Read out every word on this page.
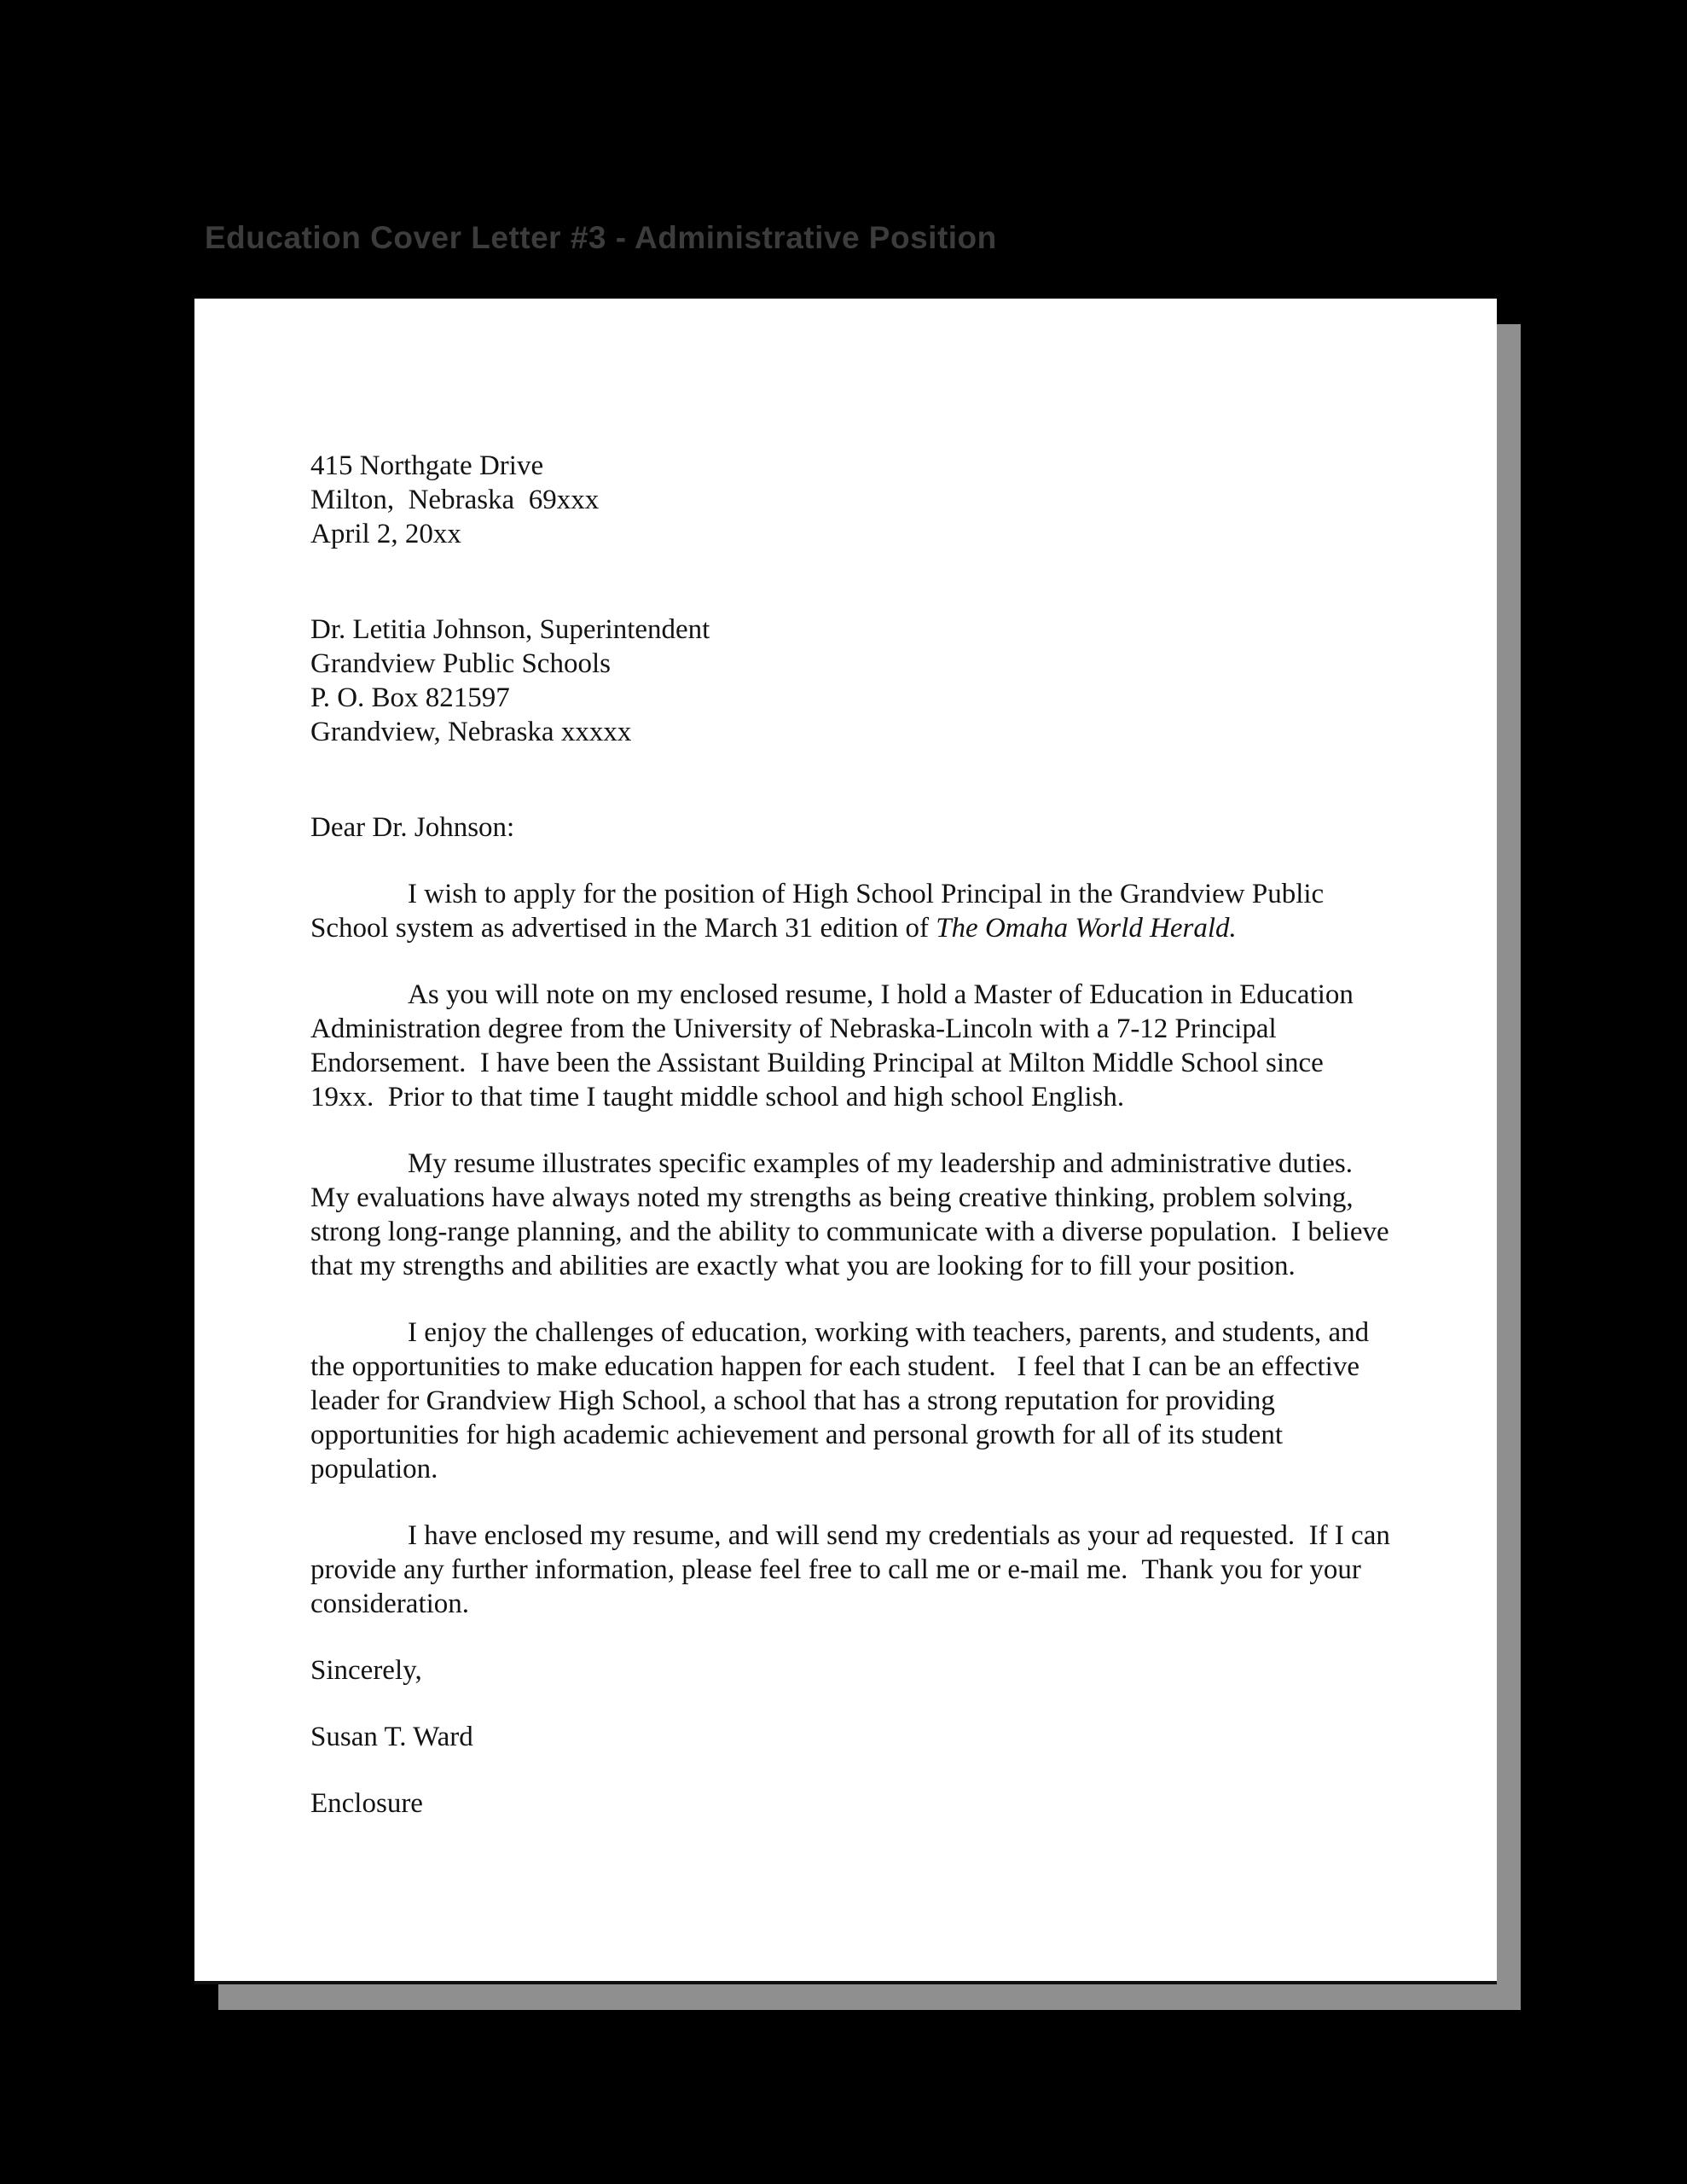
Education Cover Letter #3 - Administrative Position
415 Northgate Drive
Milton,  Nebraska  69xxx
April 2, 20xx
Dr. Letitia Johnson, Superintendent
Grandview Public Schools
P. O. Box 821597
Grandview, Nebraska xxxxx
Dear Dr. Johnson:

I wish to apply for the position of High School Principal in the Grandview Public School system as advertised in the March 31 edition of The Omaha World Herald.

As you will note on my enclosed resume, I hold a Master of Education in Education Administration degree from the University of Nebraska-Lincoln with a 7-12 Principal Endorsement.  I have been the Assistant Building Principal at Milton Middle School since 19xx.  Prior to that time I taught middle school and high school English.

My resume illustrates specific examples of my leadership and administrative duties.  My evaluations have always noted my strengths as being creative thinking, problem solving, strong long-range planning, and the ability to communicate with a diverse population.  I believe that my strengths and abilities are exactly what you are looking for to fill your position.

I enjoy the challenges of education, working with teachers, parents, and students, and the opportunities to make education happen for each student.   I feel that I can be an effective leader for Grandview High School, a school that has a strong reputation for providing opportunities for high academic achievement and personal growth for all of its student population.

I have enclosed my resume, and will send my credentials as your ad requested.  If I can provide any further information, please feel free to call me or e-mail me.  Thank you for your consideration.

Sincerely,
Susan T. Ward
Enclosure
